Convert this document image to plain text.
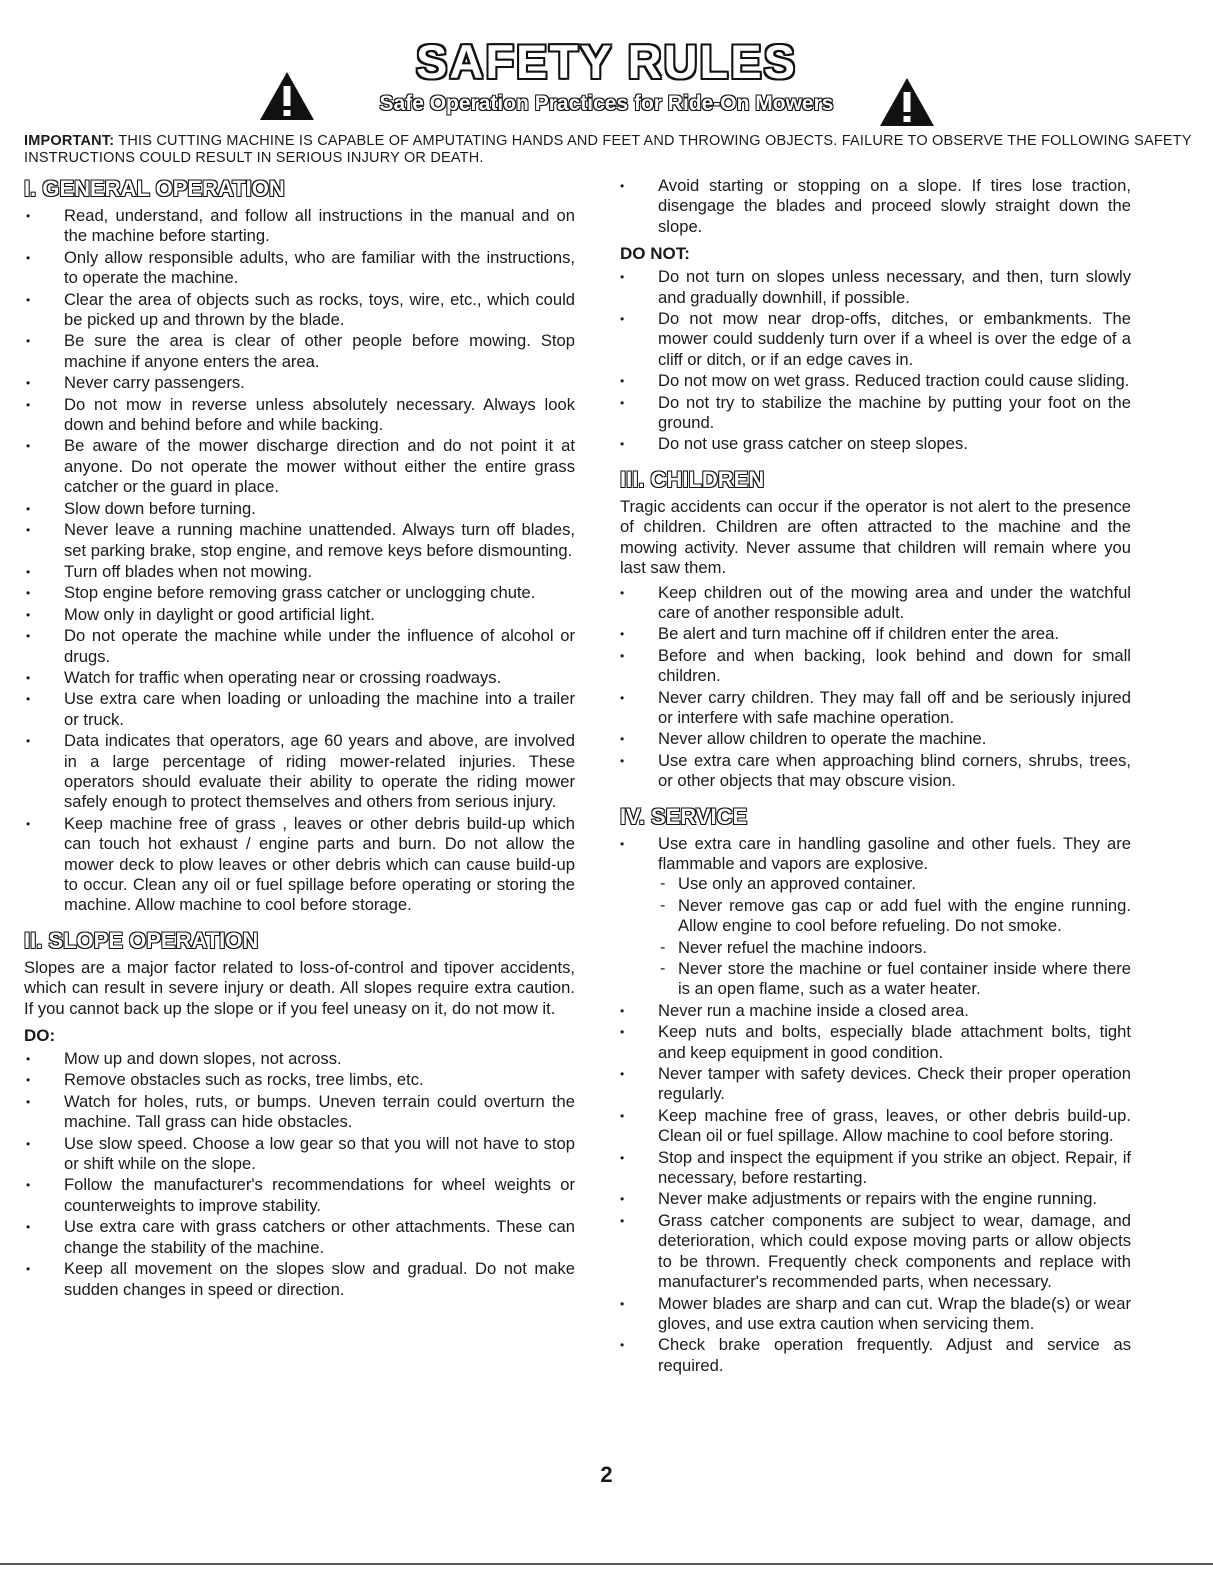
SAFETY RULES
Safe Operation Practices for Ride-On Mowers
IMPORTANT: THIS CUTTING MACHINE IS CAPABLE OF AMPUTATING HANDS AND FEET AND THROWING OBJECTS. FAILURE TO OBSERVE THE FOLLOWING SAFETY INSTRUCTIONS COULD RESULT IN SERIOUS INJURY OR DEATH.
I. GENERAL OPERATION
• Read, understand, and follow all instructions in the manual and on the machine before starting.
• Only allow responsible adults, who are familiar with the instructions, to operate the machine.
• Clear the area of objects such as rocks, toys, wire, etc., which could be picked up and thrown by the blade.
• Be sure the area is clear of other people before mowing. Stop machine if anyone enters the area.
• Never carry passengers.
• Do not mow in reverse unless absolutely necessary. Always look down and behind before and while backing.
• Be aware of the mower discharge direction and do not point it at anyone. Do not operate the mower without either the entire grass catcher or the guard in place.
• Slow down before turning.
• Never leave a running machine unattended. Always turn off blades, set parking brake, stop engine, and remove keys before dismounting.
• Turn off blades when not mowing.
• Stop engine before removing grass catcher or unclogging chute.
• Mow only in daylight or good artificial light.
• Do not operate the machine while under the influence of alcohol or drugs.
• Watch for traffic when operating near or crossing roadways.
• Use extra care when loading or unloading the machine into a trailer or truck.
• Data indicates that operators, age 60 years and above, are involved in a large percentage of riding mower-related injuries. These operators should evaluate their ability to operate the riding mower safely enough to protect themselves and others from serious injury.
• Keep machine free of grass , leaves or other debris build-up which can touch hot exhaust / engine parts and burn. Do not allow the mower deck to plow leaves or other debris which can cause build-up to occur. Clean any oil or fuel spillage before operating or storing the machine. Allow machine to cool before storage.
II. SLOPE OPERATION

Slopes are a major factor related to loss-of-control and tipover accidents, which can result in severe injury or death. All slopes require extra caution. If you cannot back up the slope or if you feel uneasy on it, do not mow it.

DO:
• Mow up and down slopes, not across.
• Remove obstacles such as rocks, tree limbs, etc.
• Watch for holes, ruts, or bumps. Uneven terrain could overturn the machine. Tall grass can hide obstacles.
• Use slow speed. Choose a low gear so that you will not have to stop or shift while on the slope.
• Follow the manufacturer's recommendations for wheel weights or counterweights to improve stability.
• Use extra care with grass catchers or other attachments. These can change the stability of the machine.
• Keep all movement on the slopes slow and gradual. Do not make sudden changes in speed or direction.
• Avoid starting or stopping on a slope. If tires lose traction, disengage the blades and proceed slowly straight down the slope.
DO NOT:
• Do not turn on slopes unless necessary, and then, turn slowly and gradually downhill, if possible.
• Do not mow near drop-offs, ditches, or embankments. The mower could suddenly turn over if a wheel is over the edge of a cliff or ditch, or if an edge caves in.
• Do not mow on wet grass. Reduced traction could cause sliding.
• Do not try to stabilize the machine by putting your foot on the ground.
• Do not use grass catcher on steep slopes.
III. CHILDREN

Tragic accidents can occur if the operator is not alert to the presence of children. Children are often attracted to the machine and the mowing activity. Never assume that children will remain where you last saw them.

• Keep children out of the mowing area and under the watchful care of another responsible adult.
• Be alert and turn machine off if children enter the area.
• Before and when backing, look behind and down for small children.
• Never carry children. They may fall off and be seriously injured or interfere with safe machine operation.
• Never allow children to operate the machine.
• Use extra care when approaching blind corners, shrubs, trees, or other objects that may obscure vision.
IV. SERVICE
• Use extra care in handling gasoline and other fuels. They are flammable and vapors are explosive.
- Use only an approved container.
- Never remove gas cap or add fuel with the engine running. Allow engine to cool before refueling. Do not smoke.
- Never refuel the machine indoors.
- Never store the machine or fuel container inside where there is an open flame, such as a water heater.
• Never run a machine inside a closed area.
• Keep nuts and bolts, especially blade attachment bolts, tight and keep equipment in good condition.
• Never tamper with safety devices. Check their proper operation regularly.
• Keep machine free of grass, leaves, or other debris build-up. Clean oil or fuel spillage. Allow machine to cool before storing.
• Stop and inspect the equipment if you strike an object. Repair, if necessary, before restarting.
• Never make adjustments or repairs with the engine running.
• Grass catcher components are subject to wear, damage, and deterioration, which could expose moving parts or allow objects to be thrown. Frequently check components and replace with manufacturer's recommended parts, when necessary.
• Mower blades are sharp and can cut. Wrap the blade(s) or wear gloves, and use extra caution when servicing them.
• Check brake operation frequently. Adjust and service as required.
2
